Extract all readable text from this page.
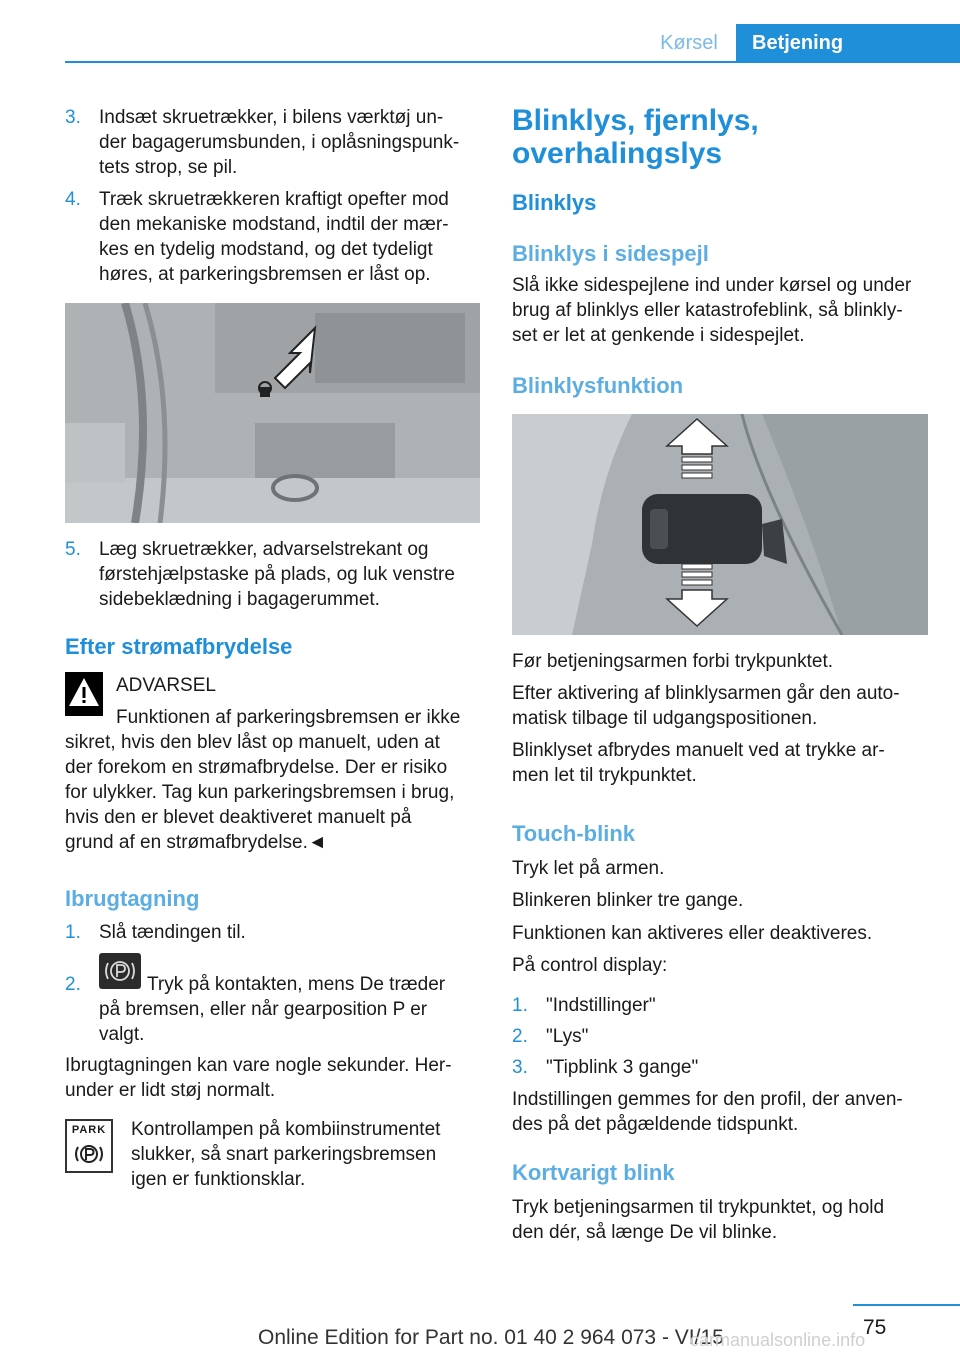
Kørsel	Betjening
3. Indsæt skruetrækker, i bilens værktøj un-
der bagagerumsbunden, i oplåsningspunk-
tets strop, se pil.
4. Træk skruetrækkeren kraftigt opefter mod
den mekaniske modstand, indtil der mær-
kes en tydelig modstand, og det tydeligt
høres, at parkeringsbremsen er låst op.
5. Læg skruetrækker, advarselstrekant og
førstehjælpstaske på plads, og luk venstre
sidebeklædning i bagagerummet.
Efter strømafbrydelse
ADVARSEL
Funktionen af parkeringsbremsen er ikke
sikret, hvis den blev låst op manuelt, uden at
der forekom en strømafbrydelse. Der er risiko
for ulykker. Tag kun parkeringsbremsen i brug,
hvis den er blevet deaktiveret manuelt på
grund af en strømafbrydelse.◄
Ibrugtagning
1. Slå tændingen til.
2.	Tryk på kontakten, mens De træder
på bremsen, eller når gearposition P er
valgt.
Ibrugtagningen kan vare nogle sekunder. Her-
under er lidt støj normalt.
PARK Kontrollampen på kombiinstrumentet
slukker, så snart parkeringsbremsen
igen er funktionsklar.
Blinklys, fjernlys,
overhalingslys
Blinklys
Blinklys i sidespejl
Slå ikke sidespejlene ind under kørsel og under
brug af blinklys eller katastrofeblink, så blinkly-
set er let at genkende i sidespejlet.
Blinklysfunktion
Før betjeningsarmen forbi trykpunktet.
Efter aktivering af blinklysarmen går den auto-
matisk tilbage til udgangspositionen.
Blinklyset afbrydes manuelt ved at trykke ar-
men let til trykpunktet.
Touch-blink
Tryk let på armen.
Blinkeren blinker tre gange.
Funktionen kan aktiveres eller deaktiveres.
På control display:
1. "Indstillinger"
2. "Lys"
3. "Tipblink 3 gange"
Indstillingen gemmes for den profil, der anven-
des på det pågældende tidspunkt.
Kortvarigt blink
Tryk betjeningsarmen til trykpunktet, og hold
den dér, så længe De vil blinke.
75
Online Edition for Part no. 01 40 2 964 073 - VI/15
carmanualsonline.info
